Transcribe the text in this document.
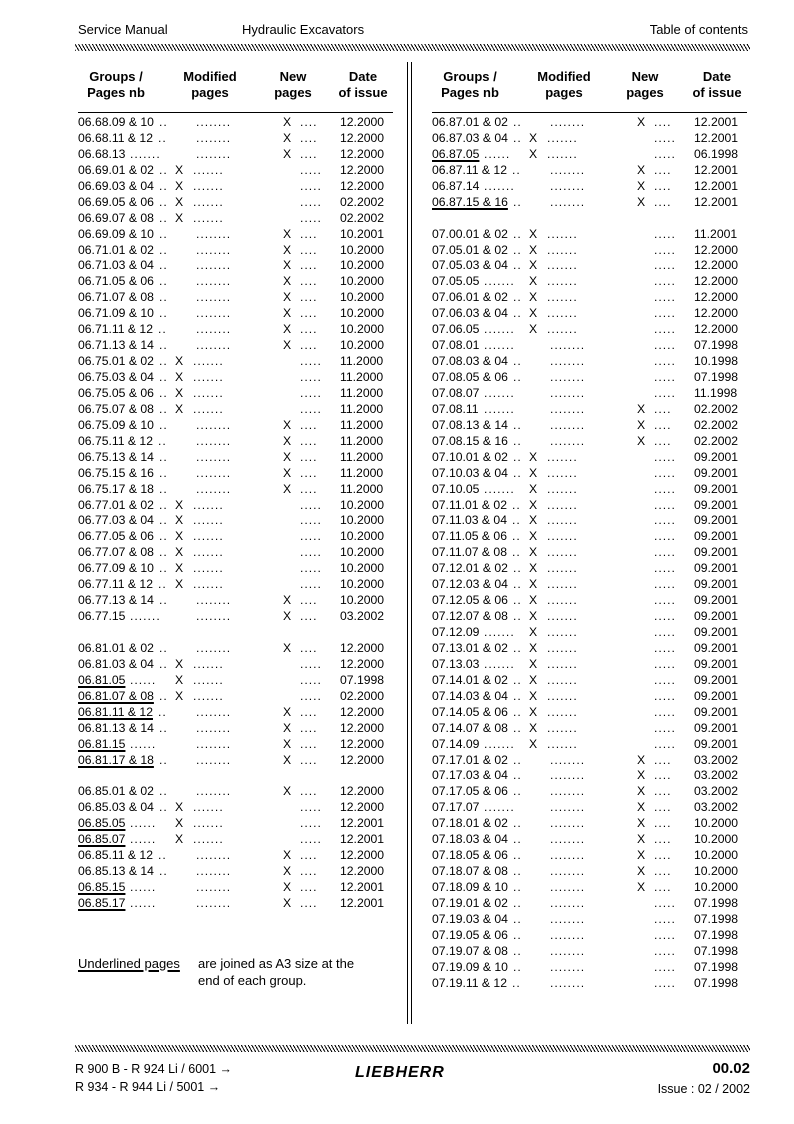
Service Manual	Hydraulic Excavators	Table of contents
Groups /
Pages nb
Modified
pages
New
pages
Date
of issue
06.68.09 & 10 .. ........	X .... 12.2000
06.68.11 & 12 .. ........	X .... 12.2000
06.68.13 .......	........	X .... 12.2000
06.69.01 & 02 .. X .......	..... 12.2000
06.69.03 & 04 .. X .......	..... 12.2000
06.69.05 & 06 .. X .......	..... 02.2002
06.69.07 & 08 .. X .......	..... 02.2002
06.69.09 & 10 .. ........	X .... 10.2001
06.71.01 & 02 .. ........	X .... 10.2000
06.71.03 & 04 .. ........	X .... 10.2000
06.71.05 & 06 .. ........	X .... 10.2000
06.71.07 & 08 .. ........	X .... 10.2000
06.71.09 & 10 .. ........	X .... 10.2000
06.71.11 & 12 .. ........	X .... 10.2000
06.71.13 & 14 .. ........	X .... 10.2000
06.75.01 & 02 .. X .......	..... 11.2000
06.75.03 & 04 .. X .......	..... 11.2000
06.75.05 & 06 .. X .......	..... 11.2000
06.75.07 & 08 .. X .......	..... 11.2000
06.75.09 & 10 .. ........	X .... 11.2000
06.75.11 & 12 .. ........	X .... 11.2000
06.75.13 & 14 .. ........	X .... 11.2000
06.75.15 & 16 .. ........	X .... 11.2000
06.75.17 & 18 .. ........	X .... 11.2000
06.77.01 & 02 .. X .......	..... 10.2000
06.77.03 & 04 .. X .......	..... 10.2000
06.77.05 & 06 .. X .......	..... 10.2000
06.77.07 & 08 .. X .......	..... 10.2000
06.77.09 & 10 .. X .......	..... 10.2000
06.77.11 & 12 .. X .......	..... 10.2000
06.77.13 & 14 .. ........	X .... 10.2000
06.77.15 .......	........	X .... 03.2002
06.81.01 & 02 .. ........	X .... 12.2000
06.81.03 & 04 .. X .......	..... 12.2000
06.81.05 ...... X .......	..... 07.1998
06.81.07 & 08 .. X .......	..... 02.2000
06.81.11 & 12 .. ........	X .... 12.2000
06.81.13 & 14 .. ........	X .... 12.2000
06.81.15 ......	........	X .... 12.2000
06.81.17 & 18 .. ........	X .... 12.2000
06.85.01 & 02 .. ........	X .... 12.2000
06.85.03 & 04 .. X .......	..... 12.2000
06.85.05 ...... X .......	..... 12.2001
06.85.07 ...... X .......	..... 12.2001
06.85.11 & 12 .. ........	X .... 12.2000
06.85.13 & 14 .. ........	X .... 12.2000
06.85.15 ......	........	X .... 12.2001
06.85.17 ......	........	X .... 12.2001
Groups /
Pages nb
Modified
pages
New
pages
Date
of issue
06.87.01 & 02 .. ........	X .... 12.2001
06.87.03 & 04 .. X .......	..... 12.2001
06.87.05 ...... X .......	..... 06.1998
06.87.11 & 12 .. ........	X .... 12.2001
06.87.14 .......	........	X .... 12.2001
06.87.15 & 16 .. ........	X .... 12.2001
07.00.01 & 02 .. X .......	..... 11.2001
07.05.01 & 02 .. X .......	..... 12.2000
07.05.03 & 04 .. X .......	..... 12.2000
07.05.05 ....... X .......	..... 12.2000
07.06.01 & 02 .. X .......	..... 12.2000
07.06.03 & 04 .. X .......	..... 12.2000
07.06.05 ....... X .......	..... 12.2000
07.08.01 .......	........	..... 07.1998
07.08.03 & 04 .. ........	..... 10.1998
07.08.05 & 06 .. ........	..... 07.1998
07.08.07 .......	........	..... 11.1998
07.08.11 .......	........	X .... 02.2002
07.08.13 & 14 .. ........	X .... 02.2002
07.08.15 & 16 .. ........	X .... 02.2002
07.10.01 & 02 .. X .......	..... 09.2001
07.10.03 & 04 .. X .......	..... 09.2001
07.10.05 ....... X .......	..... 09.2001
07.11.01 & 02 .. X .......	..... 09.2001
07.11.03 & 04 .. X .......	..... 09.2001
07.11.05 & 06 .. X .......	..... 09.2001
07.11.07 & 08 .. X .......	..... 09.2001
07.12.01 & 02 .. X .......	..... 09.2001
07.12.03 & 04 .. X .......	..... 09.2001
07.12.05 & 06 .. X .......	..... 09.2001
07.12.07 & 08 .. X .......	..... 09.2001
07.12.09 ....... X .......	..... 09.2001
07.13.01 & 02 .. X .......	..... 09.2001
07.13.03 ....... X .......	..... 09.2001
07.14.01 & 02 .. X .......	..... 09.2001
07.14.03 & 04 .. X .......	..... 09.2001
07.14.05 & 06 .. X .......	..... 09.2001
07.14.07 & 08 .. X .......	..... 09.2001
07.14.09 ....... X .......	..... 09.2001
07.17.01 & 02 .. ........	X .... 03.2002
07.17.03 & 04 .. ........	X .... 03.2002
07.17.05 & 06 .. ........	X .... 03.2002
07.17.07 .......	........	X .... 03.2002
07.18.01 & 02 .. ........	X .... 10.2000
07.18.03 & 04 .. ........	X .... 10.2000
07.18.05 & 06 .. ........	X .... 10.2000
07.18.07 & 08 .. ........	X .... 10.2000
07.18.09 & 10 .. ........	X .... 10.2000
07.19.01 & 02 .. ........	..... 07.1998
07.19.03 & 04 .. ........	..... 07.1998
07.19.05 & 06 .. ........	..... 07.1998
07.19.07 & 08 .. ........	..... 07.1998
07.19.09 & 10 .. ........	..... 07.1998
07.19.11 & 12 .. ........	..... 07.1998
Underlined pages are joined as A3 size at the
end of each group.
R 900 B - R 924 Li / 6001 →
R 934 - R 944 Li / 5001 →
LIEBHERR	00.02
Issue : 02 / 2002
